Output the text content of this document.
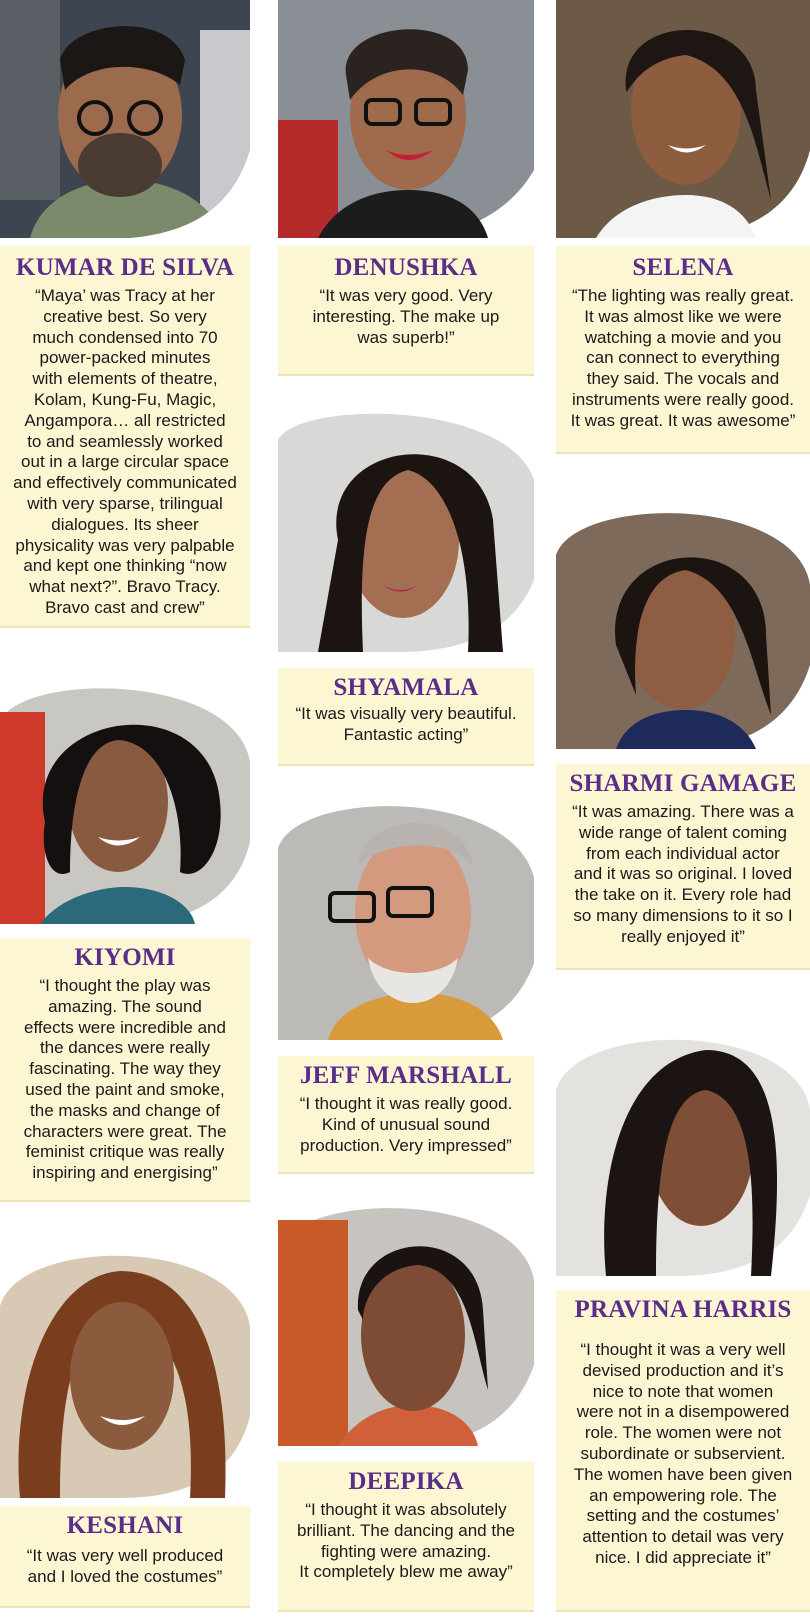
KUMAR DE SILVA
“Maya’ was Tracy at her
creative best. So very
much condensed into 70
power-packed minutes
with elements of theatre,
Kolam, Kung-Fu, Magic,
Angampora… all restricted
to and seamlessly worked
out in a large circular space
and effectively communicated
with very sparse, trilingual
dialogues. Its sheer
physicality was very palpable
and kept one thinking “now
what next?”. Bravo Tracy.
Bravo cast and crew”
DENUSHKA
“It was very good. Very
interesting. The make up
was superb!”
SELENA
“The lighting was really great.
It was almost like we were
watching a movie and you
can connect to everything
they said. The vocals and
instruments were really good.
It was great. It was awesome”
SHYAMALA
“It was visually very beautiful.
Fantastic acting”
SHARMI GAMAGE
“It was amazing. There was a
wide range of talent coming
from each individual actor
and it was so original. I loved
the take on it. Every role had
so many dimensions to it so I
really enjoyed it”
KIYOMI
“I thought the play was
amazing. The sound
effects were incredible and
the dances were really
fascinating. The way they
used the paint and smoke,
the masks and change of
characters were great. The
feminist critique was really
inspiring and energising”
JEFF MARSHALL
“I thought it was really good.
Kind of unusual sound
production. Very impressed”
PRAVINA HARRIS
“I thought it was a very well
devised production and it’s
nice to note that women
were not in a disempowered
role. The women were not
subordinate or subservient.
The women have been given
an empowering role. The
setting and the costumes’
attention to detail was very
nice. I did appreciate it”
KESHANI
“It was very well produced
and I loved the costumes”
DEEPIKA
“I thought it was absolutely
brilliant. The dancing and the
fighting were amazing.
It completely blew me away”
